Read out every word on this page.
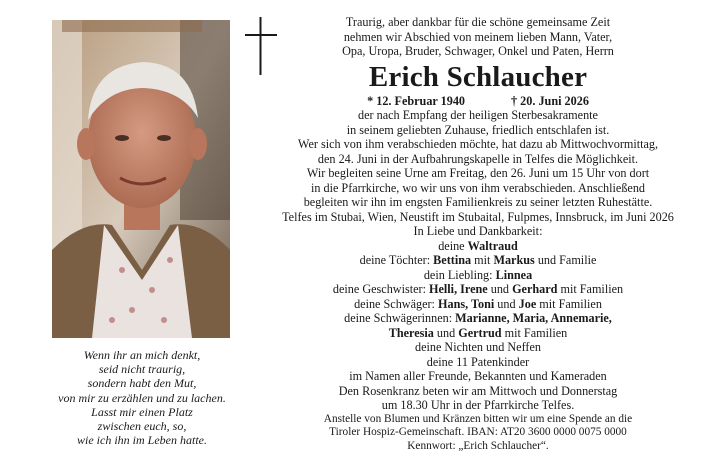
Wenn ihr an mich denkt,
seid nicht traurig,
sondern habt den Mut,
von mir zu erzählen und zu lachen.
Lasst mir einen Platz
zwischen euch, so,
wie ich ihn im Leben hatte.
Traurig, aber dankbar für die schöne gemeinsame Zeit
nehmen wir Abschied von meinem lieben Mann, Vater,
Opa, Uropa, Bruder, Schwager, Onkel und Paten, Herrn
Erich Schlaucher
* 12. Februar 1940	† 20. Juni 2026
der nach Empfang der heiligen Sterbesakramente
in seinem geliebten Zuhause, friedlich entschlafen ist.
Wer sich von ihm verabschieden möchte, hat dazu ab Mittwochvormittag,
den 24. Juni in der Aufbahrungskapelle in Telfes die Möglichkeit.
Wir begleiten seine Urne am Freitag, den 26. Juni um 15 Uhr von dort
in die Pfarrkirche, wo wir uns von ihm verabschieden. Anschließend
begleiten wir ihn im engsten Familienkreis zu seiner letzten Ruhestätte.
Telfes im Stubai, Wien, Neustift im Stubaital, Fulpmes, Innsbruck, im Juni 2026
In Liebe und Dankbarkeit:
deine Waltraud
deine Töchter: Bettina mit Markus und Familie
dein Liebling: Linnea
deine Geschwister: Helli, Irene und Gerhard mit Familien
deine Schwäger: Hans, Toni und Joe mit Familien
deine Schwägerinnen: Marianne, Maria, Annemarie,
Theresia und Gertrud mit Familien
deine Nichten und Neffen
deine 11 Patenkinder
im Namen aller Freunde, Bekannten und Kameraden
Den Rosenkranz beten wir am Mittwoch und Donnerstag
um 18.30 Uhr in der Pfarrkirche Telfes.
Anstelle von Blumen und Kränzen bitten wir um eine Spende an die
Tiroler Hospiz-Gemeinschaft. IBAN: AT20 3600 0000 0075 0000
Kennwort: „Erich Schlaucher“.
